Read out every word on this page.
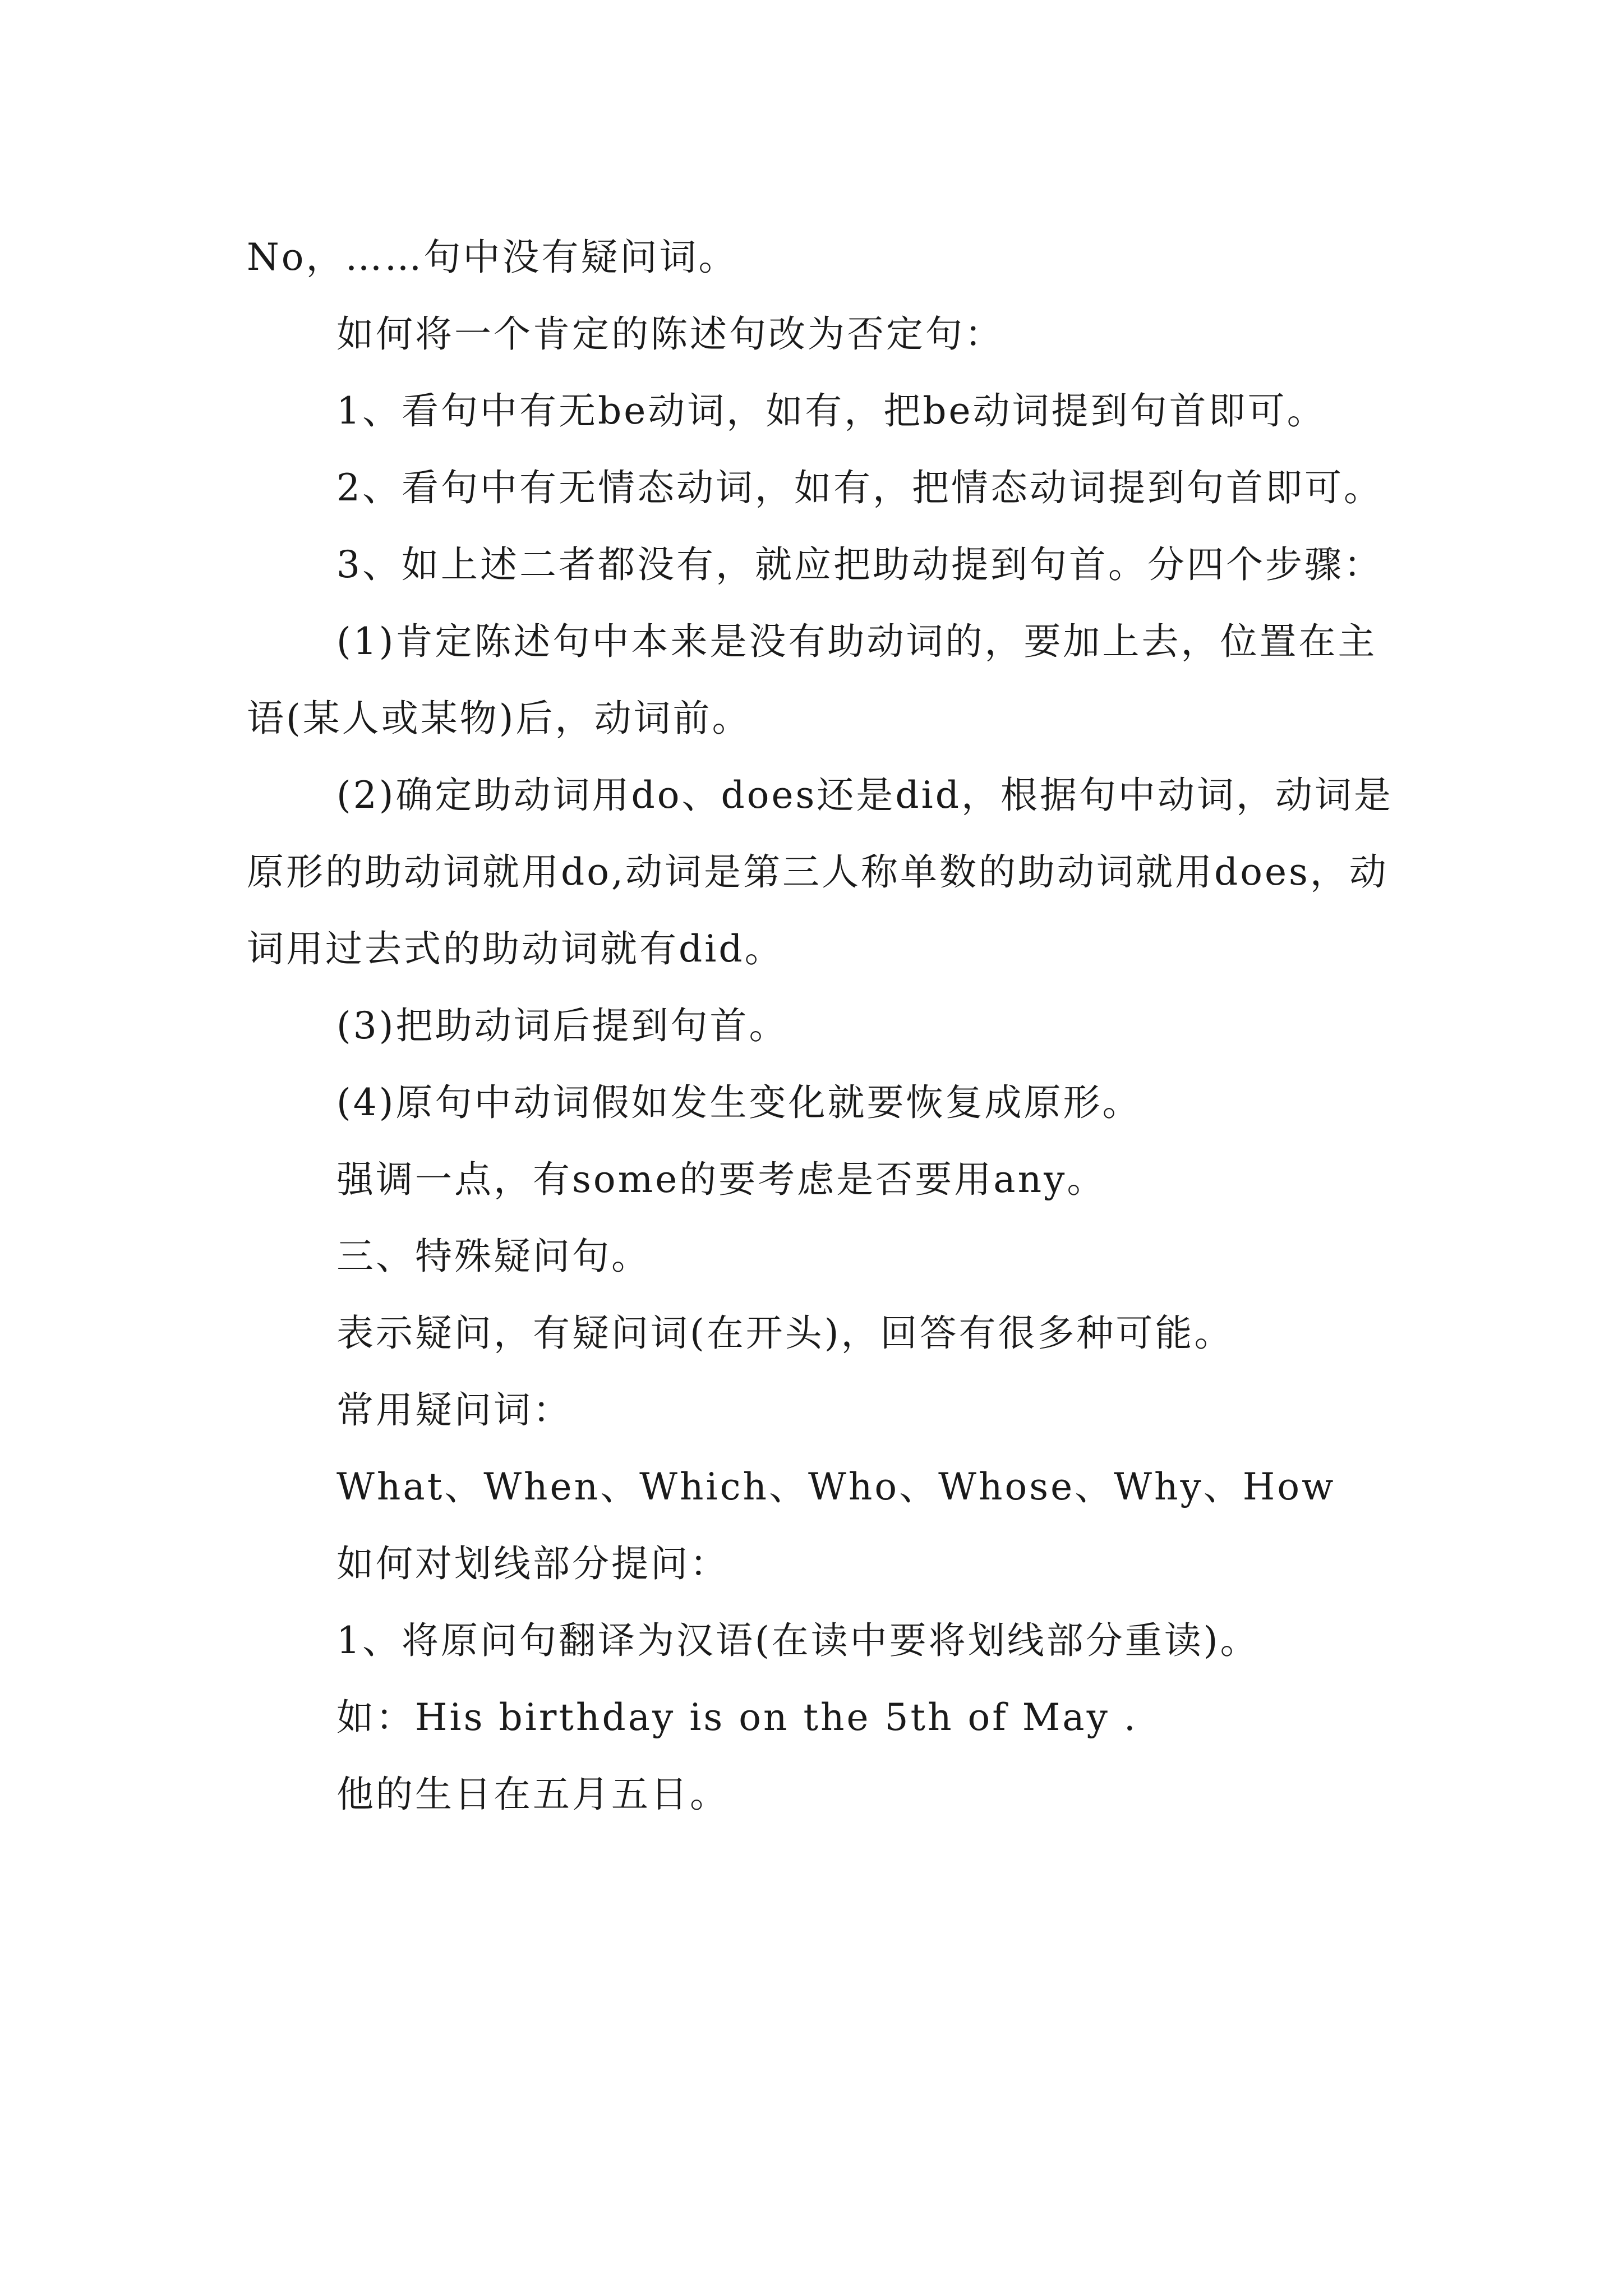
No，……句中没有疑问词。

如何将一个肯定的陈述句改为否定句：

1、看句中有无be动词，如有，把be动词提到句首即可。

2、看句中有无情态动词，如有，把情态动词提到句首即可。

3、如上述二者都没有，就应把助动提到句首。分四个步骤：

(1)肯定陈述句中本来是没有助动词的，要加上去，位置在主语(某人或某物)后，动词前。

(2)确定助动词用do、does还是did，根据句中动词，动词是原形的助动词就用do,动词是第三人称单数的助动词就用does，动词用过去式的助动词就有did。

(3)把助动词后提到句首。

(4)原句中动词假如发生变化就要恢复成原形。

强调一点，有some的要考虑是否要用any。

三、特殊疑问句。

表示疑问，有疑问词(在开头)，回答有很多种可能。

常用疑问词：

What、When、Which、Who、Whose、Why、How

如何对划线部分提问：

1、将原问句翻译为汉语(在读中要将划线部分重读)。

如：His birthday is on the 5th of May .

他的生日在五月五日。
